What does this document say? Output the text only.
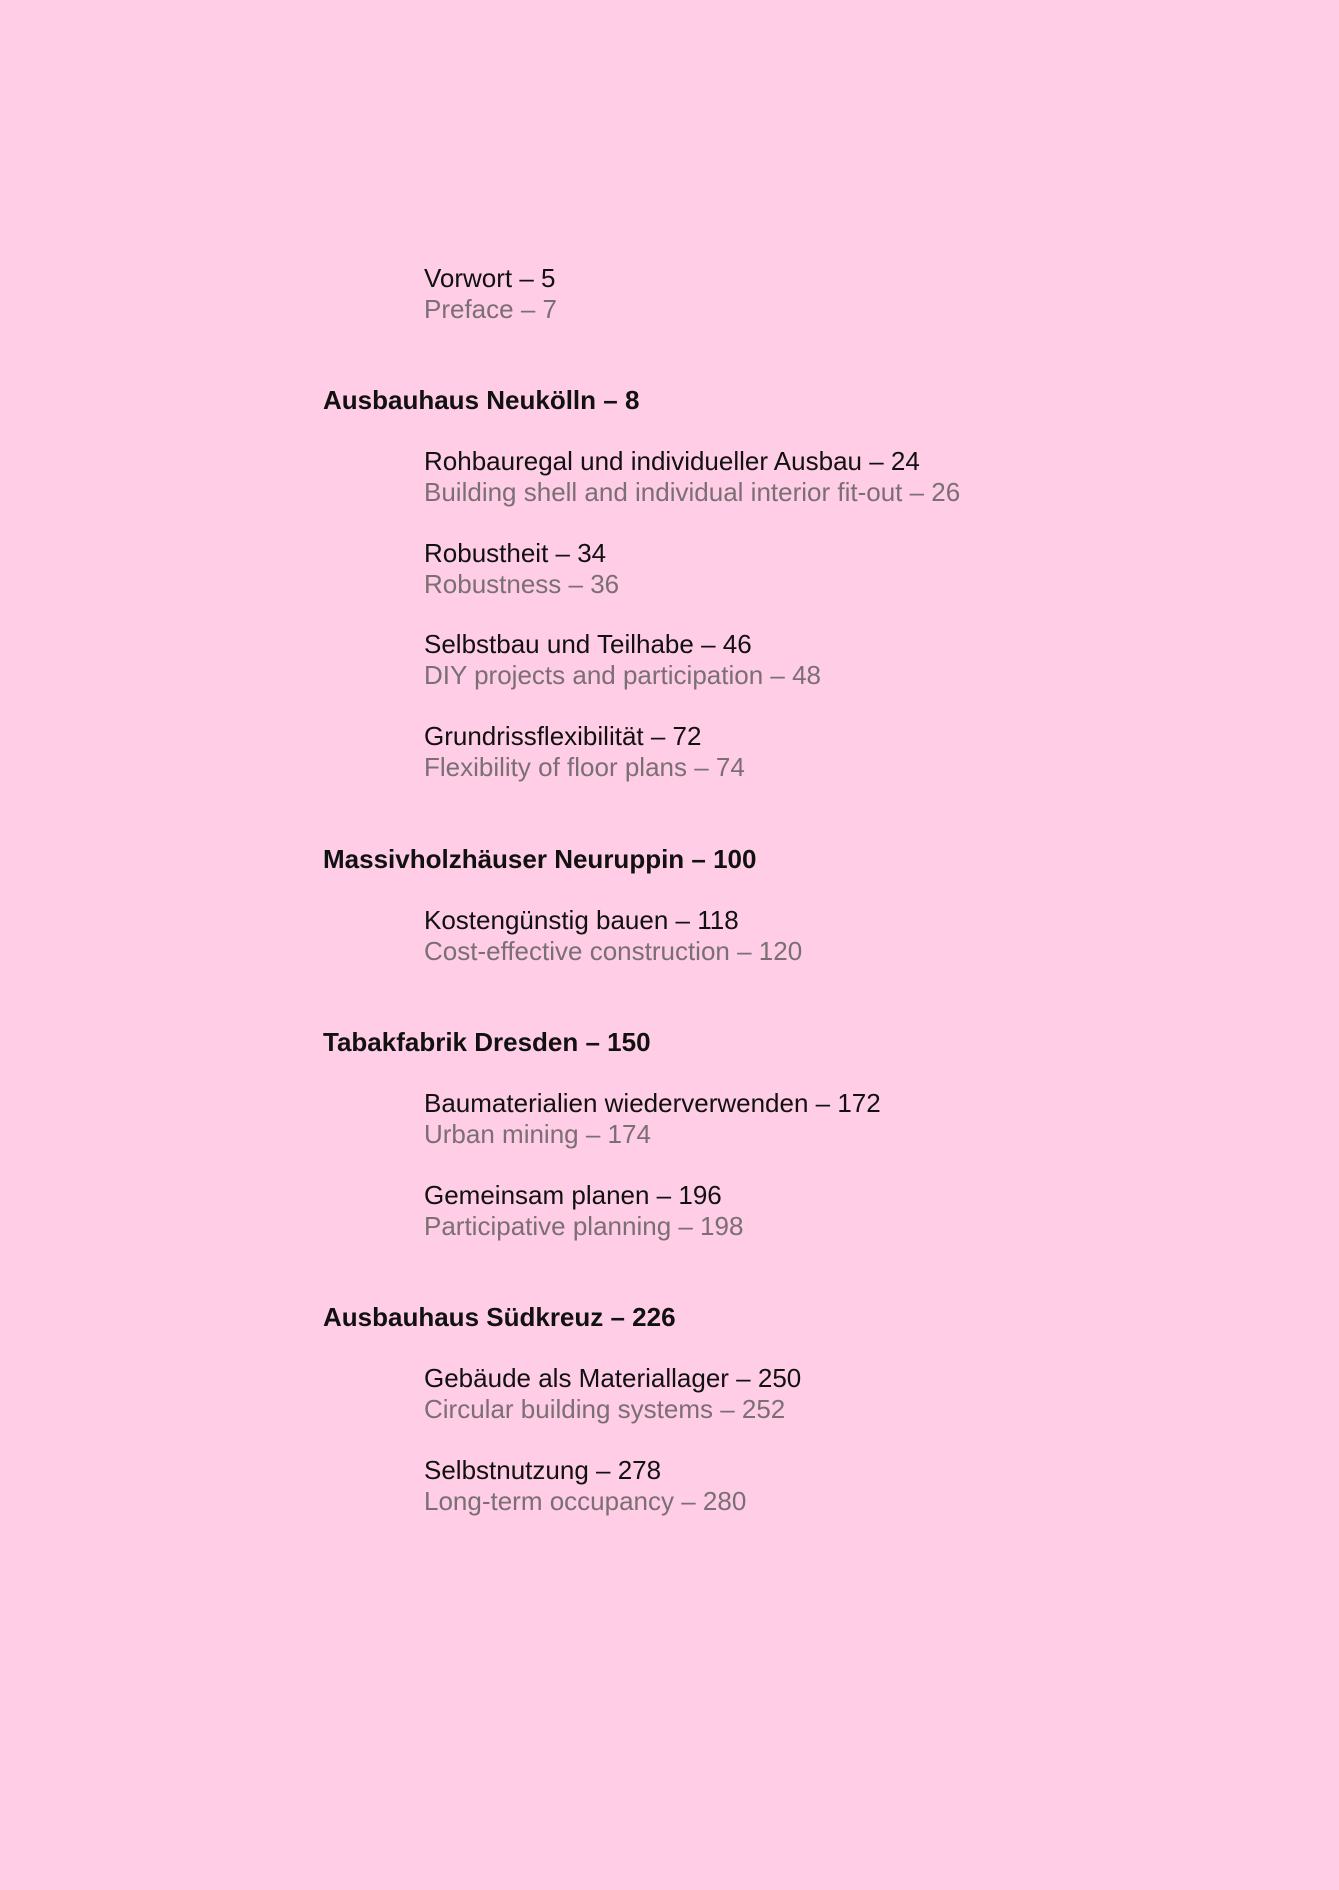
Vorwort – 5
Preface – 7
Ausbauhaus Neukölln – 8
Rohbauregal und individueller Ausbau – 24
Building shell and individual interior fit-out – 26
Robustheit – 34
Robustness – 36
Selbstbau und Teilhabe – 46
DIY projects and participation – 48
Grundrissflexibilität – 72
Flexibility of floor plans – 74
Massivholzhäuser Neuruppin – 100
Kostengünstig bauen – 118
Cost-effective construction – 120
Tabakfabrik Dresden – 150
Baumaterialien wiederverwenden – 172
Urban mining – 174
Gemeinsam planen – 196
Participative planning – 198
Ausbauhaus Südkreuz – 226
Gebäude als Materiallager – 250
Circular building systems – 252
Selbstnutzung – 278
Long-term occupancy – 280
